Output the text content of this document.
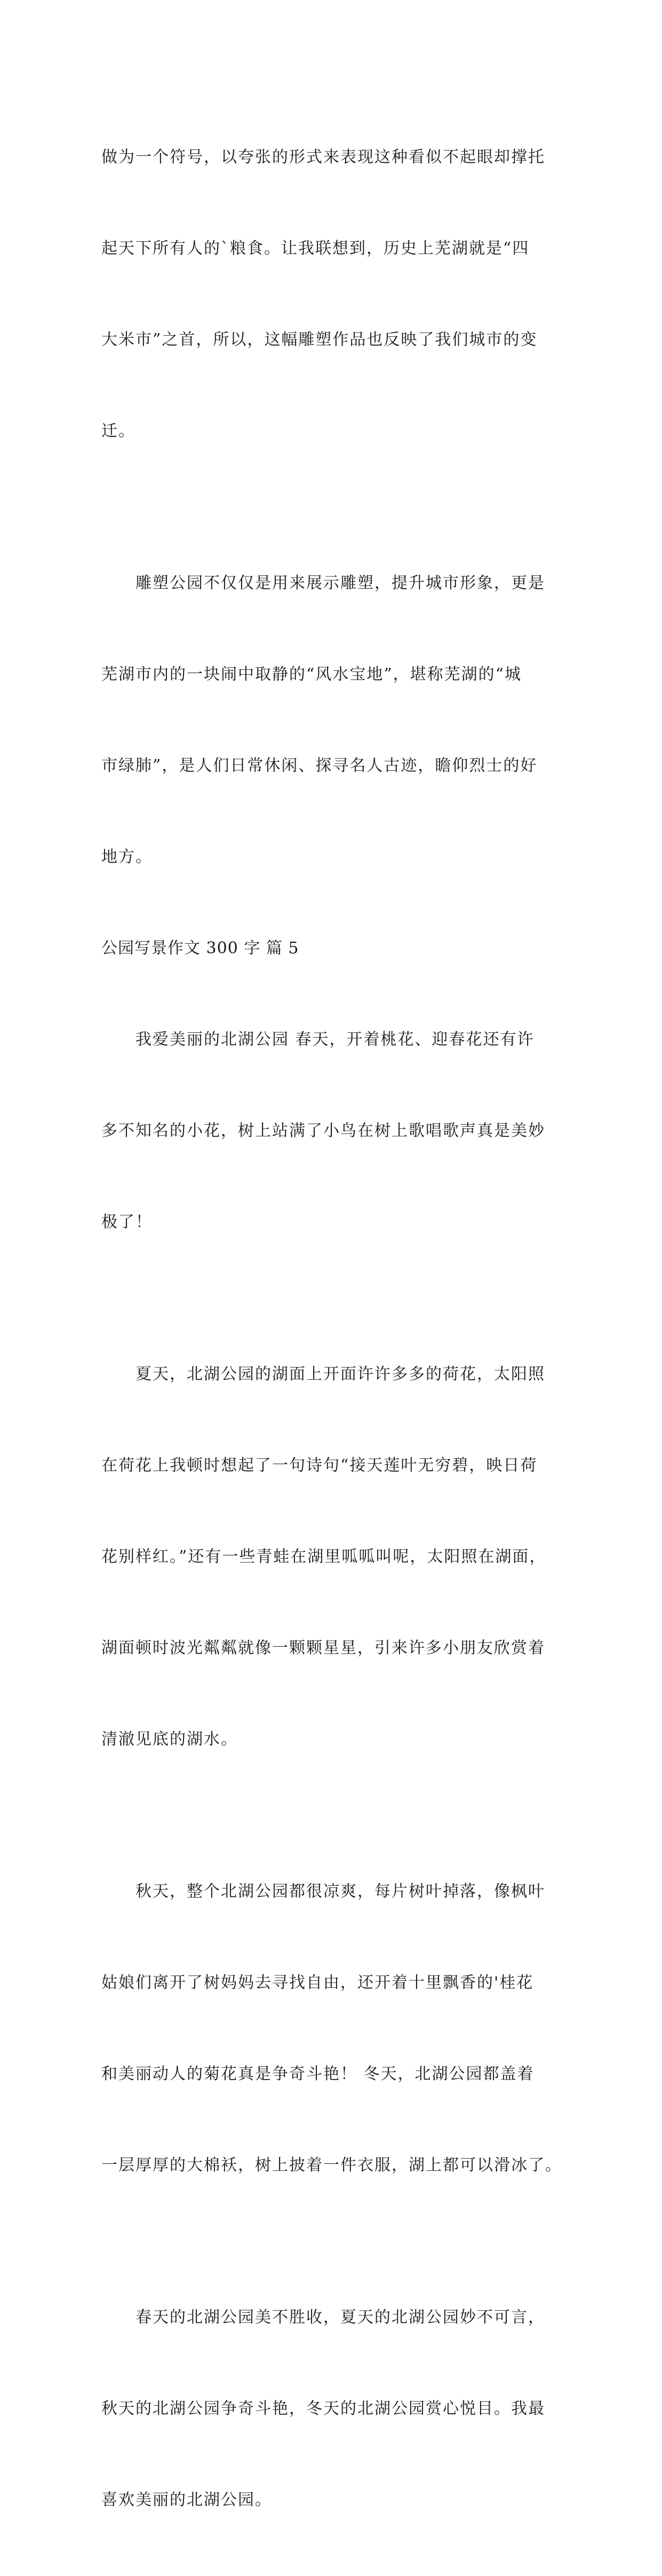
做为一个符号，以夸张的形式来表现这种看似不起眼却撑托

起天下所有人的`粮食。让我联想到，历史上芜湖就是“四

大米市”之首，所以，这幅雕塑作品也反映了我们城市的变

迁。

　　雕塑公园不仅仅是用来展示雕塑，提升城市形象，更是

芜湖市内的一块闹中取静的“风水宝地”，堪称芜湖的“城

市绿肺”，是人们日常休闲、探寻名人古迹，瞻仰烈士的好

地方。

公园写景作文 300 字 篇 5

　　我爱美丽的北湖公园 春天，开着桃花、迎春花还有许

多不知名的小花，树上站满了小鸟在树上歌唱歌声真是美妙

极了！

　　夏天，北湖公园的湖面上开面许许多多的荷花，太阳照

在荷花上我顿时想起了一句诗句“接天莲叶无穷碧，映日荷

花别样红。”还有一些青蛙在湖里呱呱叫呢，太阳照在湖面，

湖面顿时波光粼粼就像一颗颗星星，引来许多小朋友欣赏着

清澈见底的湖水。

　　秋天，整个北湖公园都很凉爽，每片树叶掉落，像枫叶

姑娘们离开了树妈妈去寻找自由，还开着十里飘香的'桂花

和美丽动人的菊花真是争奇斗艳！ 冬天，北湖公园都盖着

一层厚厚的大棉袄，树上披着一件衣服，湖上都可以滑冰了。

　　春天的北湖公园美不胜收，夏天的北湖公园妙不可言，

秋天的北湖公园争奇斗艳，冬天的北湖公园赏心悦目。我最

喜欢美丽的北湖公园。
